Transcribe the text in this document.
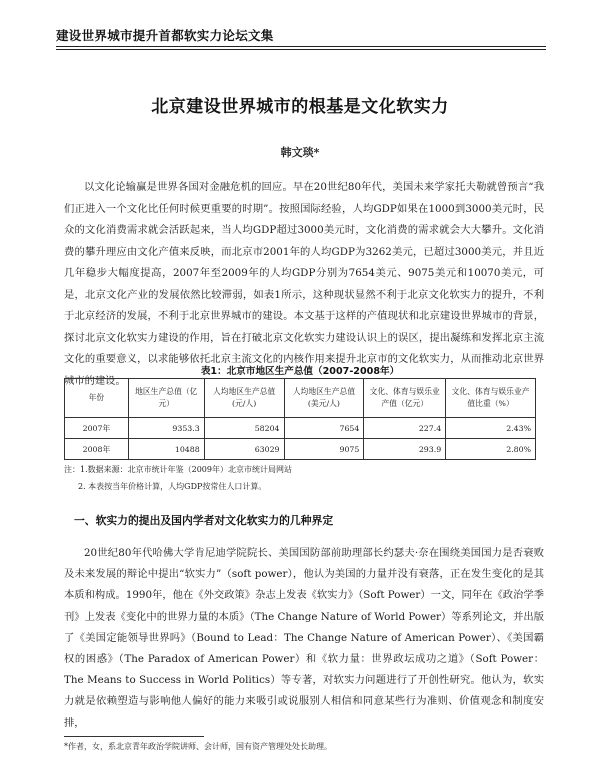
建设世界城市提升首都软实力论坛文集
北京建设世界城市的根基是文化软实力
韩文琰*
以文化论输赢是世界各国对金融危机的回应。早在20世纪80年代，美国未来学家托夫勒就曾预言“我们正进入一个文化比任何时候更重要的时期”。按照国际经验，人均GDP如果在1000到3000美元时，民众的文化消费需求就会活跃起来，当人均GDP超过3000美元时，文化消费的需求就会大大攀升。文化消费的攀升理应由文化产值来反映，而北京市2001年的人均GDP为3262美元，已超过3000美元，并且近几年稳步大幅度提高，2007年至2009年的人均GDP分别为7654美元、9075美元和10070美元，可是，北京文化产业的发展依然比较滞弱，如表1所示，这种现状显然不利于北京文化软实力的提升，不利于北京经济的发展，不利于北京世界城市的建设。本文基于这样的产值现状和北京建设世界城市的背景，探讨北京文化软实力建设的作用，旨在打破北京文化软实力建设认识上的误区，提出凝练和发挥北京主流文化的重要意义，以求能够依托北京主流文化的内核作用来提升北京市的文化软实力，从而推动北京世界城市的建设。
表1：北京市地区生产总值（2007-2008年）
年份	地区生产总值（亿元）	人均地区生产总值(元/人)	人均地区生产总值(美元/人)	文化、体育与娱乐业产值（亿元）	文化、体育与娱乐业产值比重（%）
2007年	9353.3	58204	7654	227.4	2.43%
2008年	10488	63029	9075	293.9	2.80%
注：1.数据来源：北京市统计年鉴（2009年）北京市统计局网站
2. 本表按当年价格计算，人均GDP按常住人口计算。
一、软实力的提出及国内学者对文化软实力的几种界定
20世纪80年代哈佛大学肯尼迪学院院长、美国国防部前助理部长约瑟夫·奈在围绕美国国力是否衰败及未来发展的辩论中提出“软实力”（soft power），他认为美国的力量并没有衰落，正在发生变化的是其本质和构成。1990年，他在《外交政策》杂志上发表《软实力》（Soft Power）一文，同年在《政治学季刊》上发表《变化中的世界力量的本质》（The Change Nature of World Power）等系列论文，并出版了《美国定能领导世界吗》（Bound to Lead：The Change Nature of American Power）、《美国霸权的困惑》（The Paradox of American Power）和《软力量：世界政坛成功之道》（Soft Power：The Means to Success in World Politics）等专著，对软实力问题进行了开创性研究。他认为，软实力就是依赖塑造与影响他人偏好的能力来吸引或说服别人相信和同意某些行为准则、价值观念和制度安排，
*作者，女，系北京青年政治学院讲师、会计师，国有资产管理处处长助理。
